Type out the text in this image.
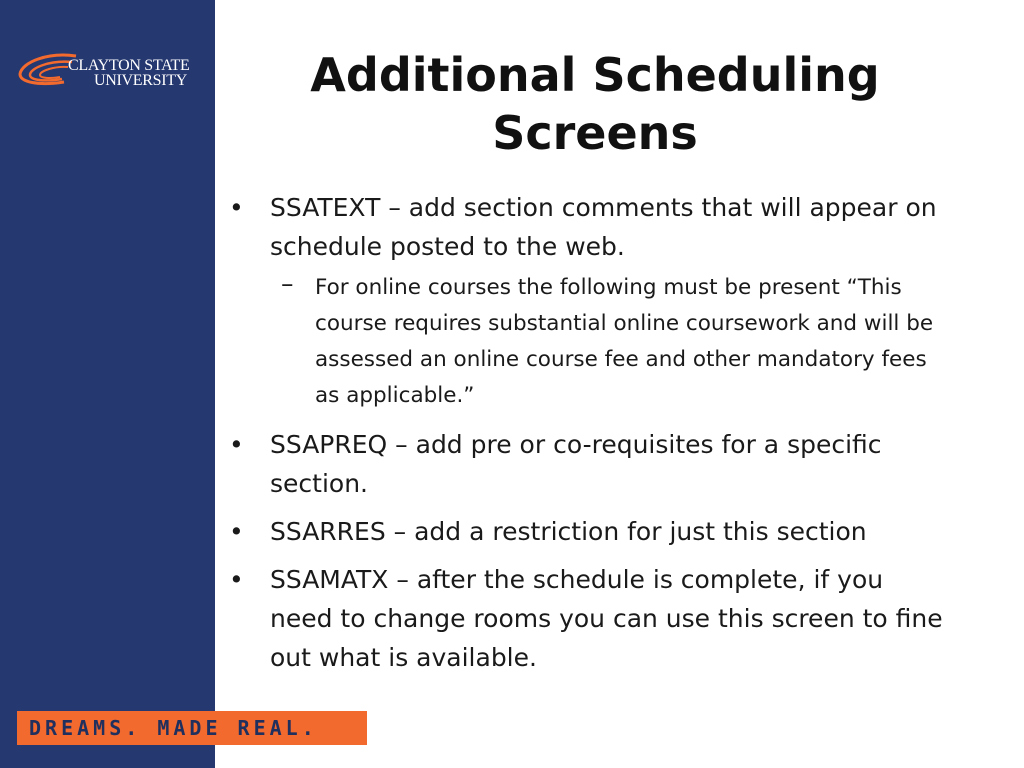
CLAYTON STATE
UNIVERSITY
DREAMS. MADE REAL.
Additional Scheduling Screens
• SSATEXT – add section comments that will appear on schedule posted to the web.
– For online courses the following must be present “This course requires substantial online coursework and will be assessed an online course fee and other mandatory fees as applicable.”
• SSAPREQ – add pre or co-requisites for a specific section.
• SSARRES – add a restriction for just this section
• SSAMATX – after the schedule is complete, if you need to change rooms you can use this screen to fine out what is available.
